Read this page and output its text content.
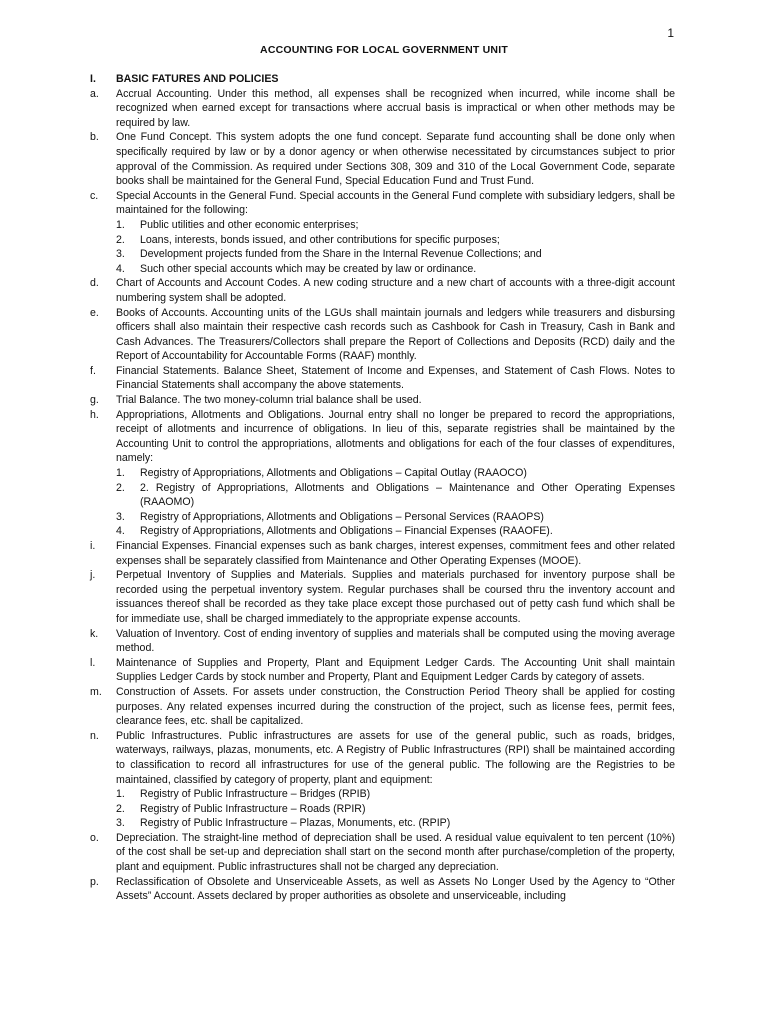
1
ACCOUNTING FOR LOCAL GOVERNMENT UNIT
I.	BASIC FATURES AND POLICIES
a.	Accrual Accounting. Under this method, all expenses shall be recognized when incurred, while income shall be recognized when earned except for transactions where accrual basis is impractical or when other methods may be required by law.
b.	One Fund Concept. This system adopts the one fund concept. Separate fund accounting shall be done only when specifically required by law or by a donor agency or when otherwise necessitated by circumstances subject to prior approval of the Commission. As required under Sections 308, 309 and 310 of the Local Government Code, separate books shall be maintained for the General Fund, Special Education Fund and Trust Fund.
c.	Special Accounts in the General Fund. Special accounts in the General Fund complete with subsidiary ledgers, shall be maintained for the following:
1.	Public utilities and other economic enterprises;
2.	Loans, interests, bonds issued, and other contributions for specific purposes;
3.	Development projects funded from the Share in the Internal Revenue Collections; and
4.	Such other special accounts which may be created by law or ordinance.
d.	Chart of Accounts and Account Codes. A new coding structure and a new chart of accounts with a three-digit account numbering system shall be adopted.
e.	Books of Accounts. Accounting units of the LGUs shall maintain journals and ledgers while treasurers and disbursing officers shall also maintain their respective cash records such as Cashbook for Cash in Treasury, Cash in Bank and Cash Advances. The Treasurers/Collectors shall prepare the Report of Collections and Deposits (RCD) daily and the Report of Accountability for Accountable Forms (RAAF) monthly.
f.	Financial Statements. Balance Sheet, Statement of Income and Expenses, and Statement of Cash Flows. Notes to Financial Statements shall accompany the above statements.
g.	Trial Balance. The two money-column trial balance shall be used.
h.	Appropriations, Allotments and Obligations. Journal entry shall no longer be prepared to record the appropriations, receipt of allotments and incurrence of obligations. In lieu of this, separate registries shall be maintained by the Accounting Unit to control the appropriations, allotments and obligations for each of the four classes of expenditures, namely:
1.	Registry of Appropriations, Allotments and Obligations – Capital Outlay (RAAOCO)
2.	2. Registry of Appropriations, Allotments and Obligations – Maintenance and Other Operating Expenses (RAAOMO)
3.	Registry of Appropriations, Allotments and Obligations – Personal Services (RAAOPS)
4.	Registry of Appropriations, Allotments and Obligations – Financial Expenses (RAAOFE).
i.	Financial Expenses. Financial expenses such as bank charges, interest expenses, commitment fees and other related expenses shall be separately classified from Maintenance and Other Operating Expenses (MOOE).
j.	Perpetual Inventory of Supplies and Materials. Supplies and materials purchased for inventory purpose shall be recorded using the perpetual inventory system. Regular purchases shall be coursed thru the inventory account and issuances thereof shall be recorded as they take place except those purchased out of petty cash fund which shall be for immediate use, shall be charged immediately to the appropriate expense accounts.
k.	Valuation of Inventory. Cost of ending inventory of supplies and materials shall be computed using the moving average method.
l.	Maintenance of Supplies and Property, Plant and Equipment Ledger Cards. The Accounting Unit shall maintain Supplies Ledger Cards by stock number and Property, Plant and Equipment Ledger Cards by category of assets.
m.	Construction of Assets. For assets under construction, the Construction Period Theory shall be applied for costing purposes. Any related expenses incurred during the construction of the project, such as license fees, permit fees, clearance fees, etc. shall be capitalized.
n.	Public Infrastructures. Public infrastructures are assets for use of the general public, such as roads, bridges, waterways, railways, plazas, monuments, etc. A Registry of Public Infrastructures (RPI) shall be maintained according to classification to record all infrastructures for use of the general public. The following are the Registries to be maintained, classified by category of property, plant and equipment:
1.	Registry of Public Infrastructure – Bridges (RPIB)
2.	Registry of Public Infrastructure – Roads (RPIR)
3.	Registry of Public Infrastructure – Plazas, Monuments, etc. (RPIP)
o.	Depreciation. The straight-line method of depreciation shall be used. A residual value equivalent to ten percent (10%) of the cost shall be set-up and depreciation shall start on the second month after purchase/completion of the property, plant and equipment. Public infrastructures shall not be charged any depreciation.
p.	Reclassification of Obsolete and Unserviceable Assets, as well as Assets No Longer Used by the Agency to “Other Assets” Account. Assets declared by proper authorities as obsolete and unserviceable, including
